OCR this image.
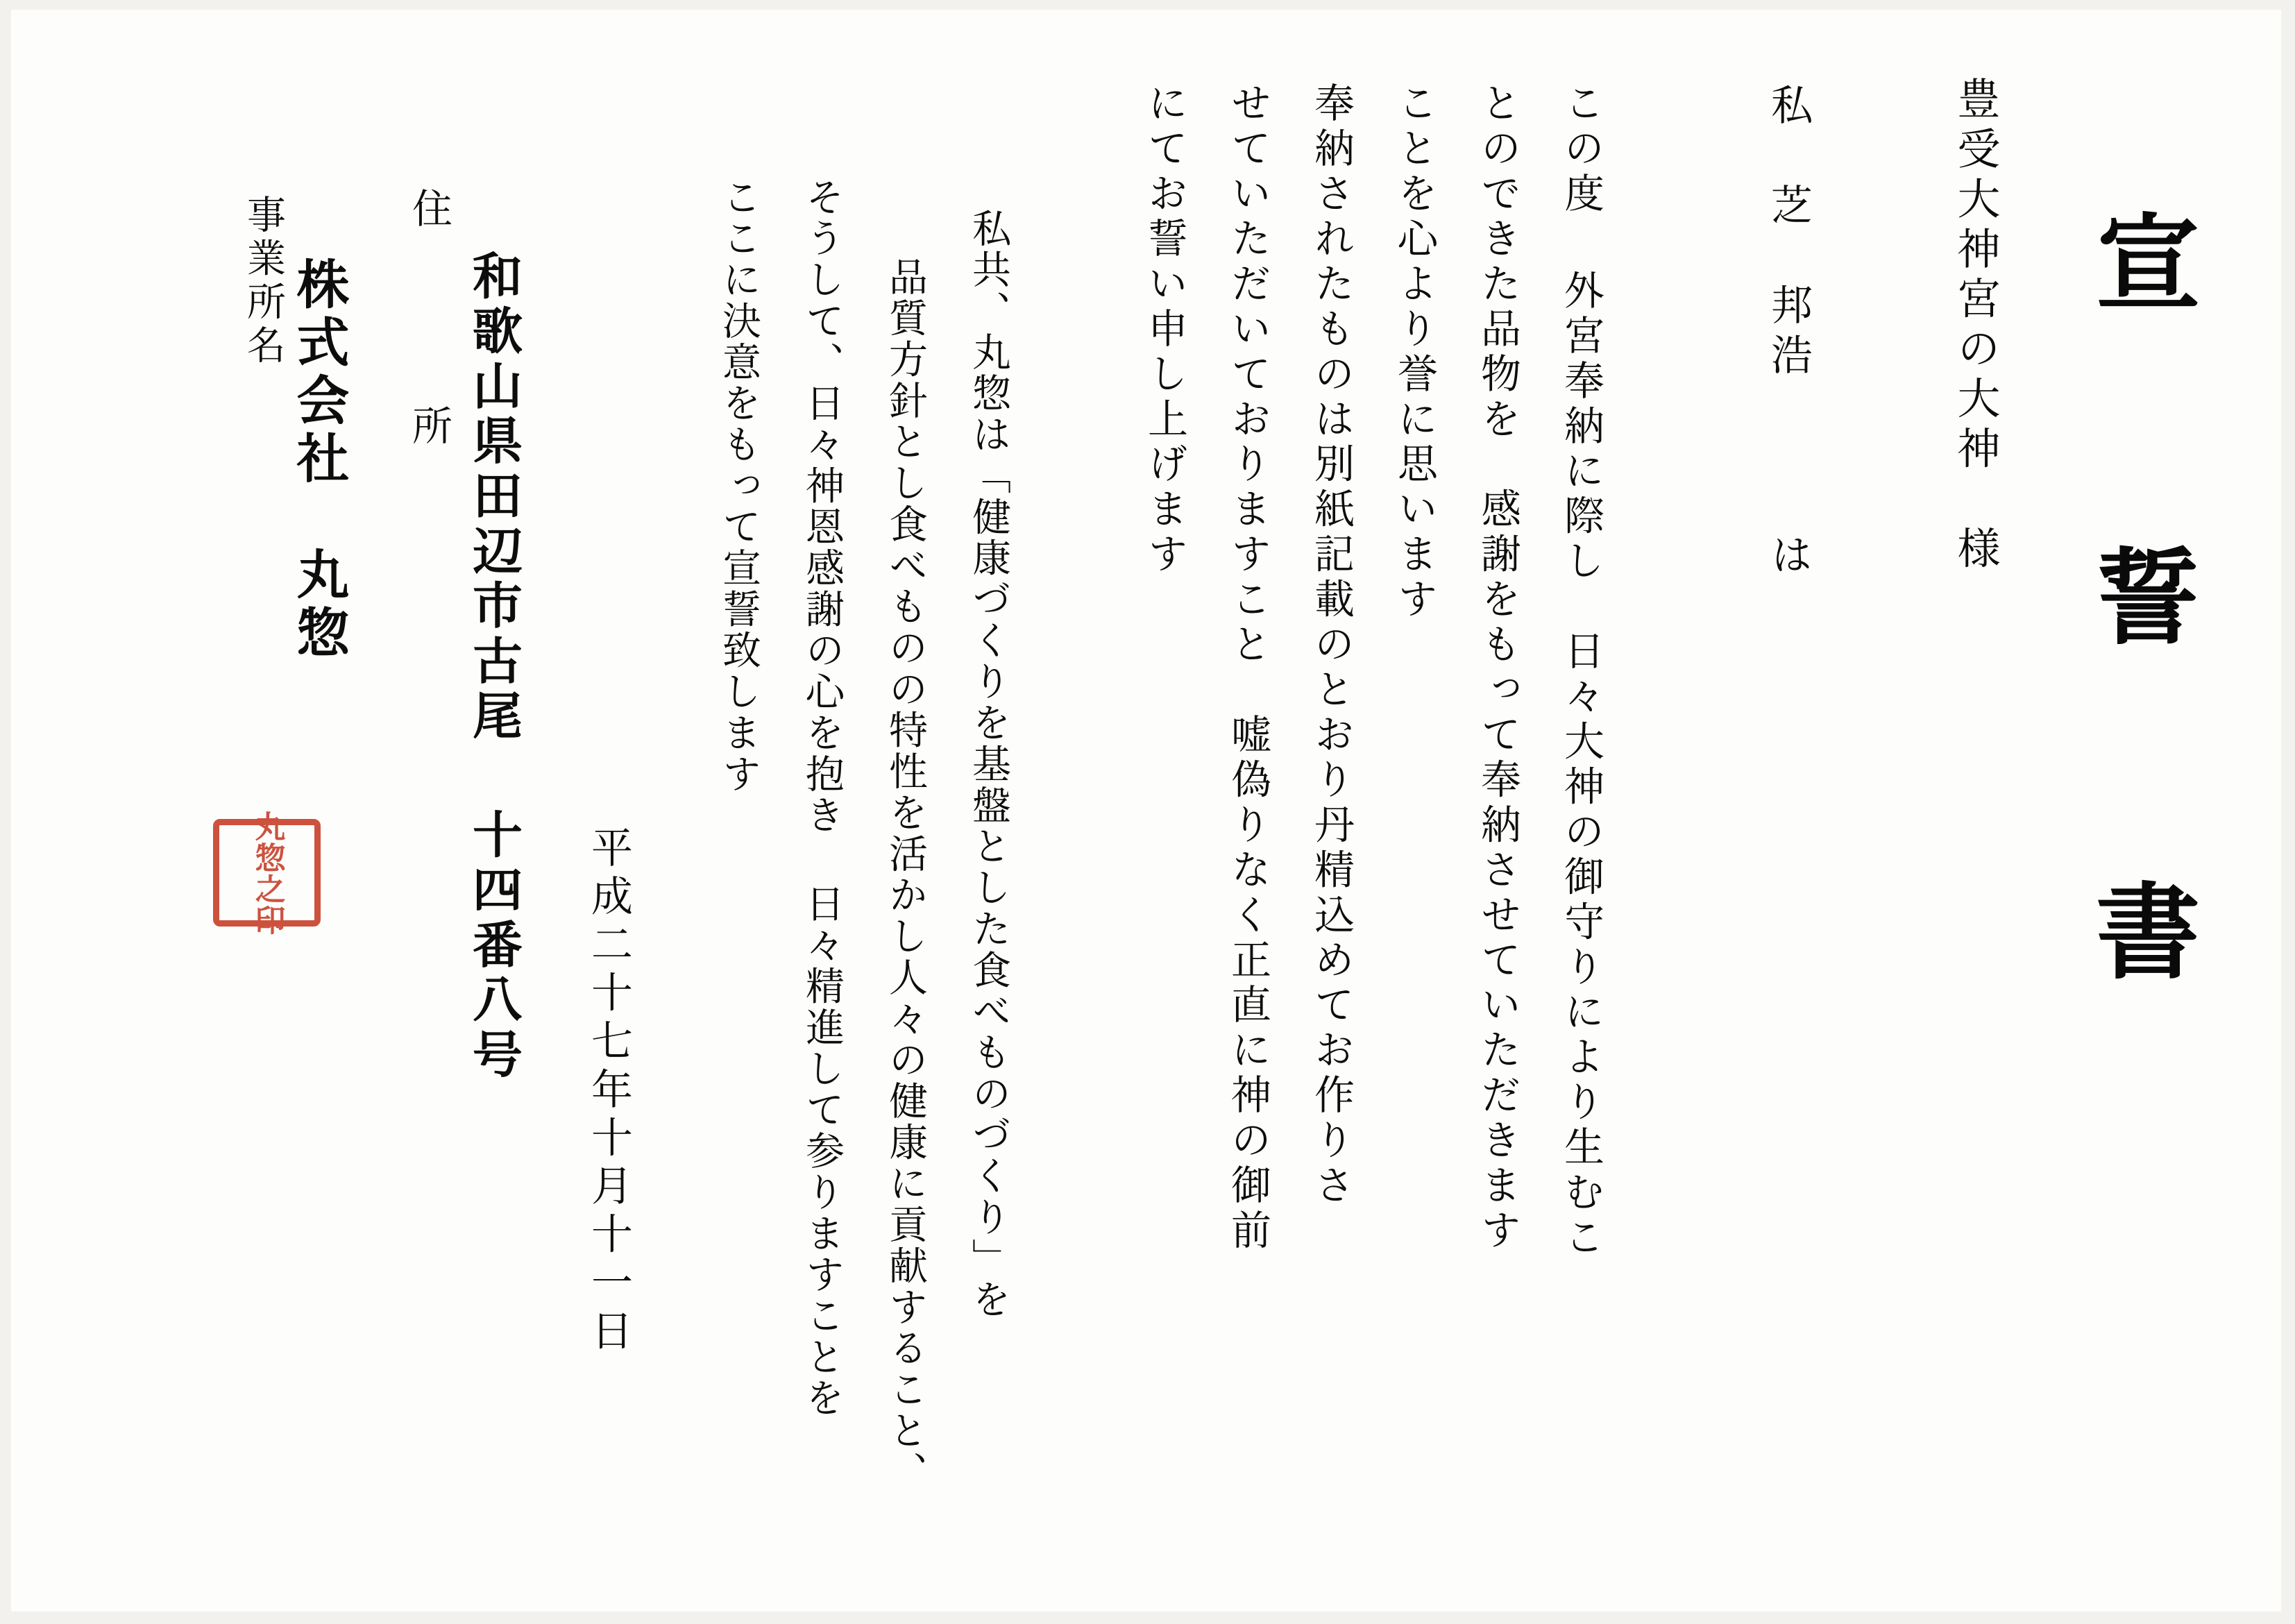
宣 誓 書
豊受大神宮の大神　様
私　芝　邦浩　　　は
この度 外宮奉納に際し　日々大神の御守りにより生むこ
とのできた品物を　感謝をもって奉納させていただきます
ことを心より誉に思います
奉納されたものは別紙記載のとおり丹精込めてお作りさ
せていただいておりますこと　嘘偽りなく正直に神の御前
にてお誓い申し上げます
私共、丸惣は「健康づくりを基盤とした食べものづくり」を
品質方針とし食べものの特性を活かし人々の健康に貢献すること、
そうして、日々神恩感謝の心を抱き 日々精進して参りますことを
ここに決意をもって宣誓致します
平成二十七年十月十一日
住　　所 和歌山県田辺市古尾 十四番八号
事業所名 株式会社　丸惣
丸惣之印
